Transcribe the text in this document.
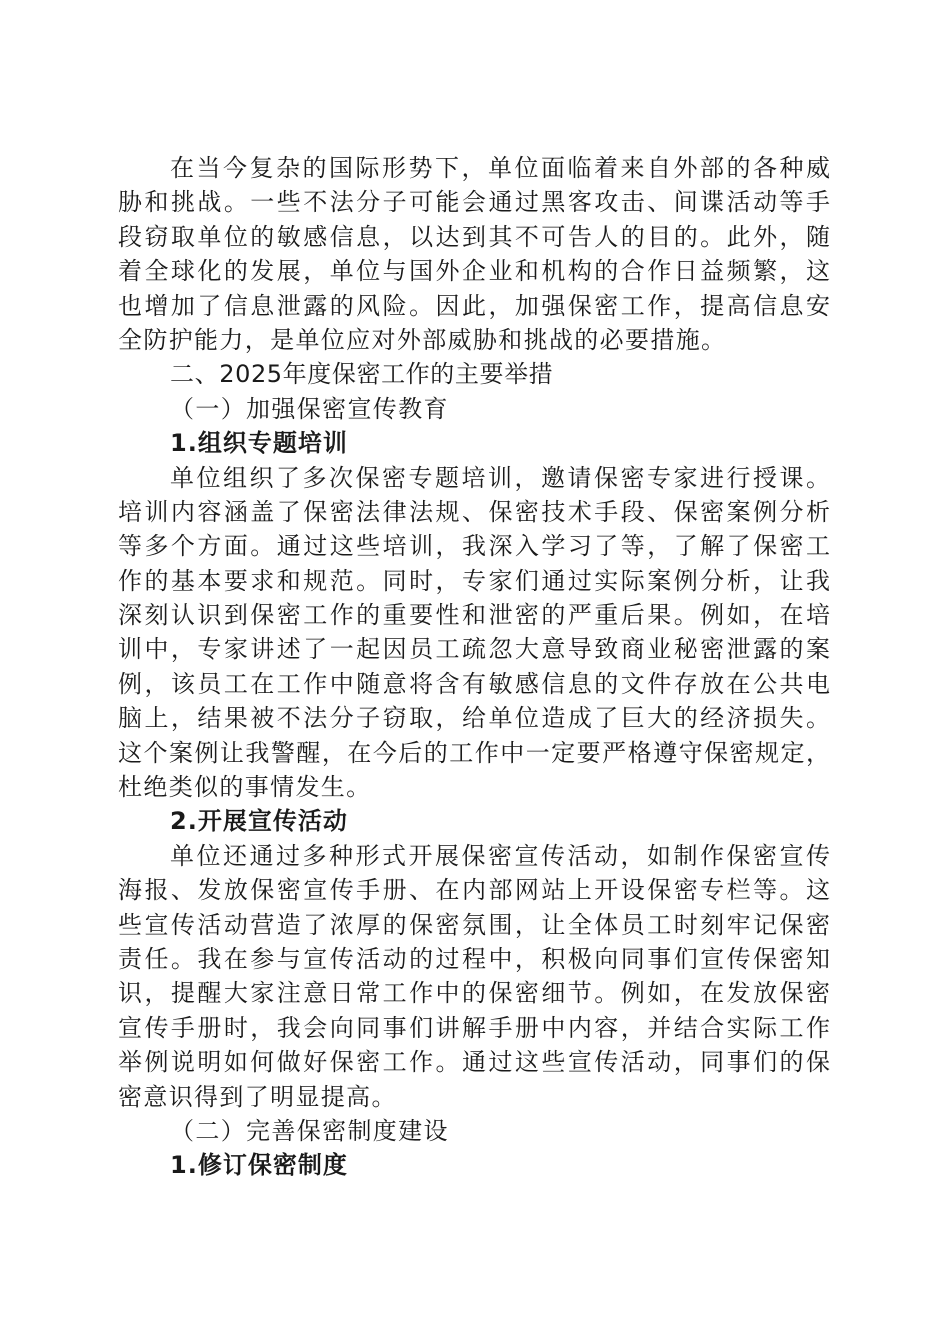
在当今复杂的国际形势下，单位面临着来自外部的各种威
胁和挑战。一些不法分子可能会通过黑客攻击、间谍活动等手
段窃取单位的敏感信息，以达到其不可告人的目的。此外，随
着全球化的发展，单位与国外企业和机构的合作日益频繁，这
也增加了信息泄露的风险。因此，加强保密工作，提高信息安
全防护能力，是单位应对外部威胁和挑战的必要措施。
二、2025年度保密工作的主要举措
（一）加强保密宣传教育
1.组织专题培训
单位组织了多次保密专题培训，邀请保密专家进行授课。
培训内容涵盖了保密法律法规、保密技术手段、保密案例分析
等多个方面。通过这些培训，我深入学习了等，了解了保密工
作的基本要求和规范。同时，专家们通过实际案例分析，让我
深刻认识到保密工作的重要性和泄密的严重后果。例如，在培
训中，专家讲述了一起因员工疏忽大意导致商业秘密泄露的案
例，该员工在工作中随意将含有敏感信息的文件存放在公共电
脑上，结果被不法分子窃取，给单位造成了巨大的经济损失。
这个案例让我警醒，在今后的工作中一定要严格遵守保密规定，
杜绝类似的事情发生。
2.开展宣传活动
单位还通过多种形式开展保密宣传活动，如制作保密宣传
海报、发放保密宣传手册、在内部网站上开设保密专栏等。这
些宣传活动营造了浓厚的保密氛围，让全体员工时刻牢记保密
责任。我在参与宣传活动的过程中，积极向同事们宣传保密知
识，提醒大家注意日常工作中的保密细节。例如，在发放保密
宣传手册时，我会向同事们讲解手册中内容，并结合实际工作
举例说明如何做好保密工作。通过这些宣传活动，同事们的保
密意识得到了明显提高。
（二）完善保密制度建设
1.修订保密制度
